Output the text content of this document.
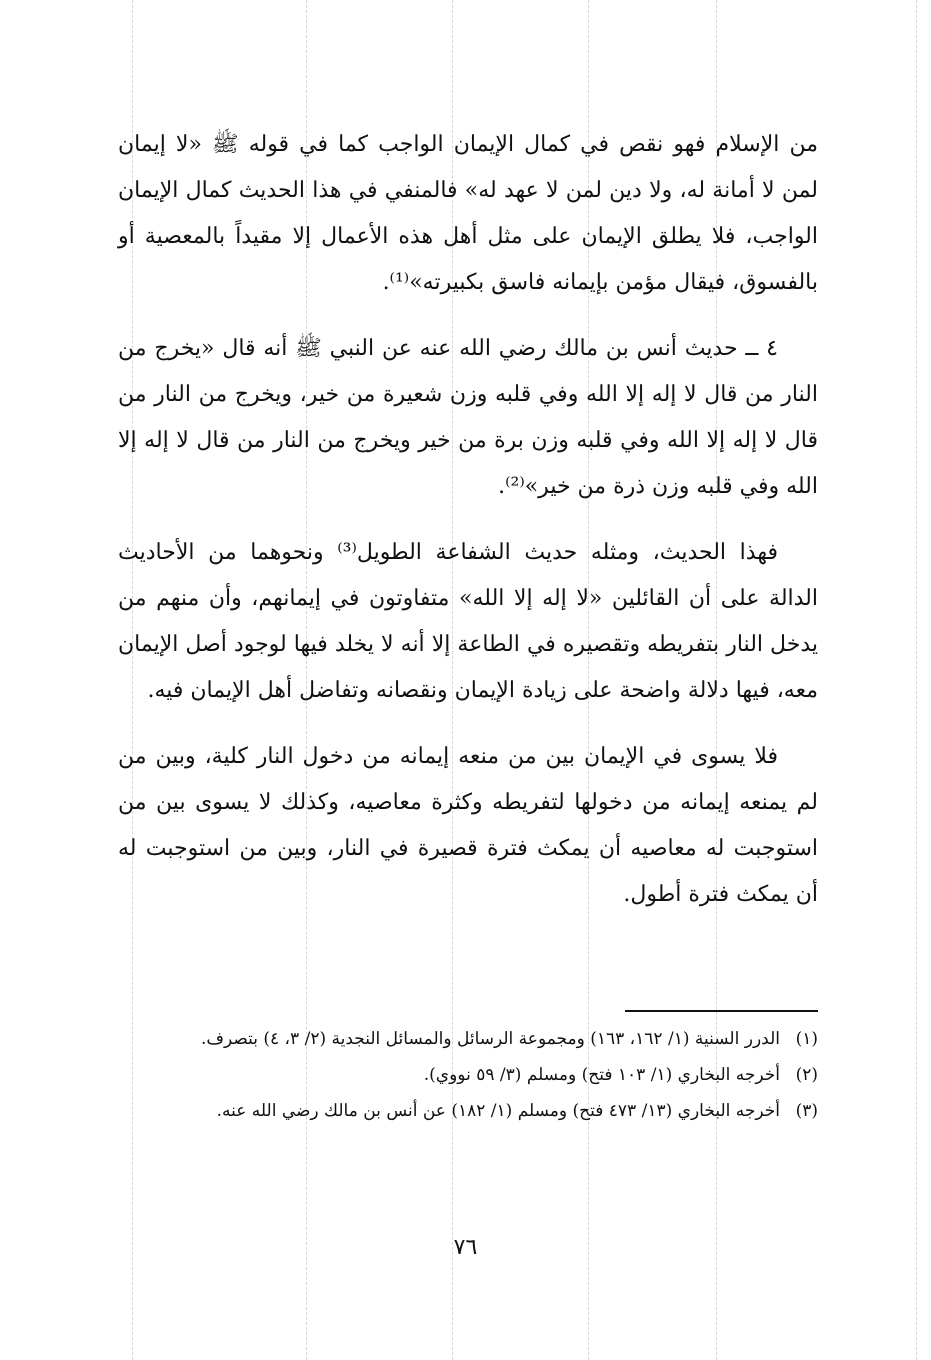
من الإسلام فهو نقص في كمال الإيمان الواجب كما في قوله ﷺ «لا إيمان لمن لا أمانة له، ولا دين لمن لا عهد له» فالمنفي في هذا الحديث كمال الإيمان الواجب، فلا يطلق الإيمان على مثل أهل هذه الأعمال إلا مقيداً بالمعصية أو بالفسوق، فيقال مؤمن بإيمانه فاسق بكبيرته»⁽¹⁾.

٤ ــ حديث أنس بن مالك رضي الله عنه عن النبي ﷺ أنه قال «يخرج من النار من قال لا إله إلا الله وفي قلبه وزن شعيرة من خير، ويخرج من النار من قال لا إله إلا الله وفي قلبه وزن برة من خير ويخرج من النار من قال لا إله إلا الله وفي قلبه وزن ذرة من خير»⁽²⁾.

فهذا الحديث، ومثله حديث الشفاعة الطويل⁽³⁾ ونحوهما من الأحاديث الدالة على أن القائلين «لا إله إلا الله» متفاوتون في إيمانهم، وأن منهم من يدخل النار بتفريطه وتقصيره في الطاعة إلا أنه لا يخلد فيها لوجود أصل الإيمان معه، فيها دلالة واضحة على زيادة الإيمان ونقصانه وتفاضل أهل الإيمان فيه.

فلا يسوى في الإيمان بين من منعه إيمانه من دخول النار كلية، وبين من لم يمنعه إيمانه من دخولها لتفريطه وكثرة معاصيه، وكذلك لا يسوى بين من استوجبت له معاصيه أن يمكث فترة قصيرة في النار، وبين من استوجبت له أن يمكث فترة أطول.

(١)
الدرر السنية (١/ ١٦٢، ١٦٣) ومجموعة الرسائل والمسائل النجدية (٢/ ٣، ٤) بتصرف.
(٢)
أخرجه البخاري (١/ ١٠٣ فتح) ومسلم (٣/ ٥٩ نووي).
(٣)
أخرجه البخاري (١٣/ ٤٧٣ فتح) ومسلم (١/ ١٨٢) عن أنس بن مالك رضي الله عنه.
٧٦
